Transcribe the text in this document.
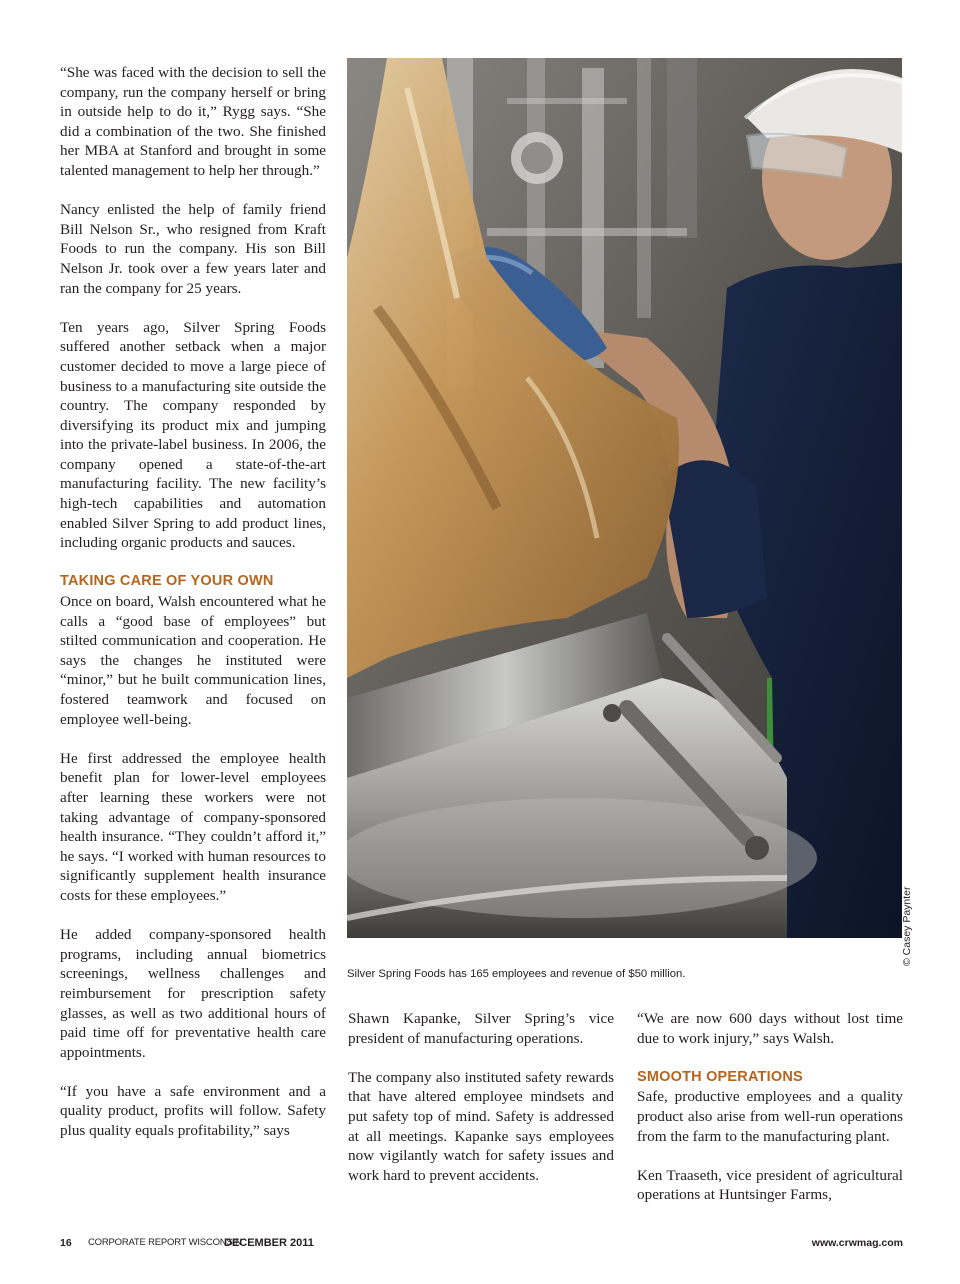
“She was faced with the decision to sell the company, run the company herself or bring in outside help to do it,” Rygg says. “She did a combination of the two. She finished her MBA at Stanford and brought in some talented management to help her through.”

Nancy enlisted the help of family friend Bill Nelson Sr., who resigned from Kraft Foods to run the company. His son Bill Nelson Jr. took over a few years later and ran the company for 25 years.

Ten years ago, Silver Spring Foods suffered another setback when a major customer decided to move a large piece of business to a manufacturing site outside the country. The company responded by diversifying its product mix and jumping into the private-label business. In 2006, the company opened a state-of-the-art manufacturing facility. The new facility’s high-tech capabilities and automation enabled Silver Spring to add product lines, including organic products and sauces.

TAKING CARE OF YOUR OWN

Once on board, Walsh encountered what he calls a “good base of employees” but stilted communication and cooperation. He says the changes he instituted were “minor,” but he built communication lines, fostered teamwork and focused on employee well-being.

He first addressed the employee health benefit plan for lower-level employees after learning these workers were not taking advantage of company-sponsored health insurance. “They couldn’t afford it,” he says. “I worked with human resources to significantly supplement health insurance costs for these employees.”

He added company-sponsored health programs, including annual biometrics screenings, wellness challenges and reimbursement for prescription safety glasses, as well as two additional hours of paid time off for preventative health care appointments.

“If you have a safe environment and a quality product, profits will follow. Safety plus quality equals profitability,” says

Silver Spring Foods has 165 employees and revenue of $50 million.
© Casey Paynter

Shawn Kapanke, Silver Spring’s vice president of manufacturing operations.

The company also instituted safety rewards that have altered employee mindsets and put safety top of mind. Safety is addressed at all meetings. Kapanke says employees now vigilantly watch for safety issues and work hard to prevent accidents.

“We are now 600 days without lost time due to work injury,” says Walsh.

SMOOTH OPERATIONS

Safe, productive employees and a quality product also arise from well-run operations from the farm to the manufacturing plant.

Ken Traaseth, vice president of agricultural operations at Huntsinger Farms,

16 CORPORATE REPORT WISCONSIN
DECEMBER 2011	www.crwmag.com
